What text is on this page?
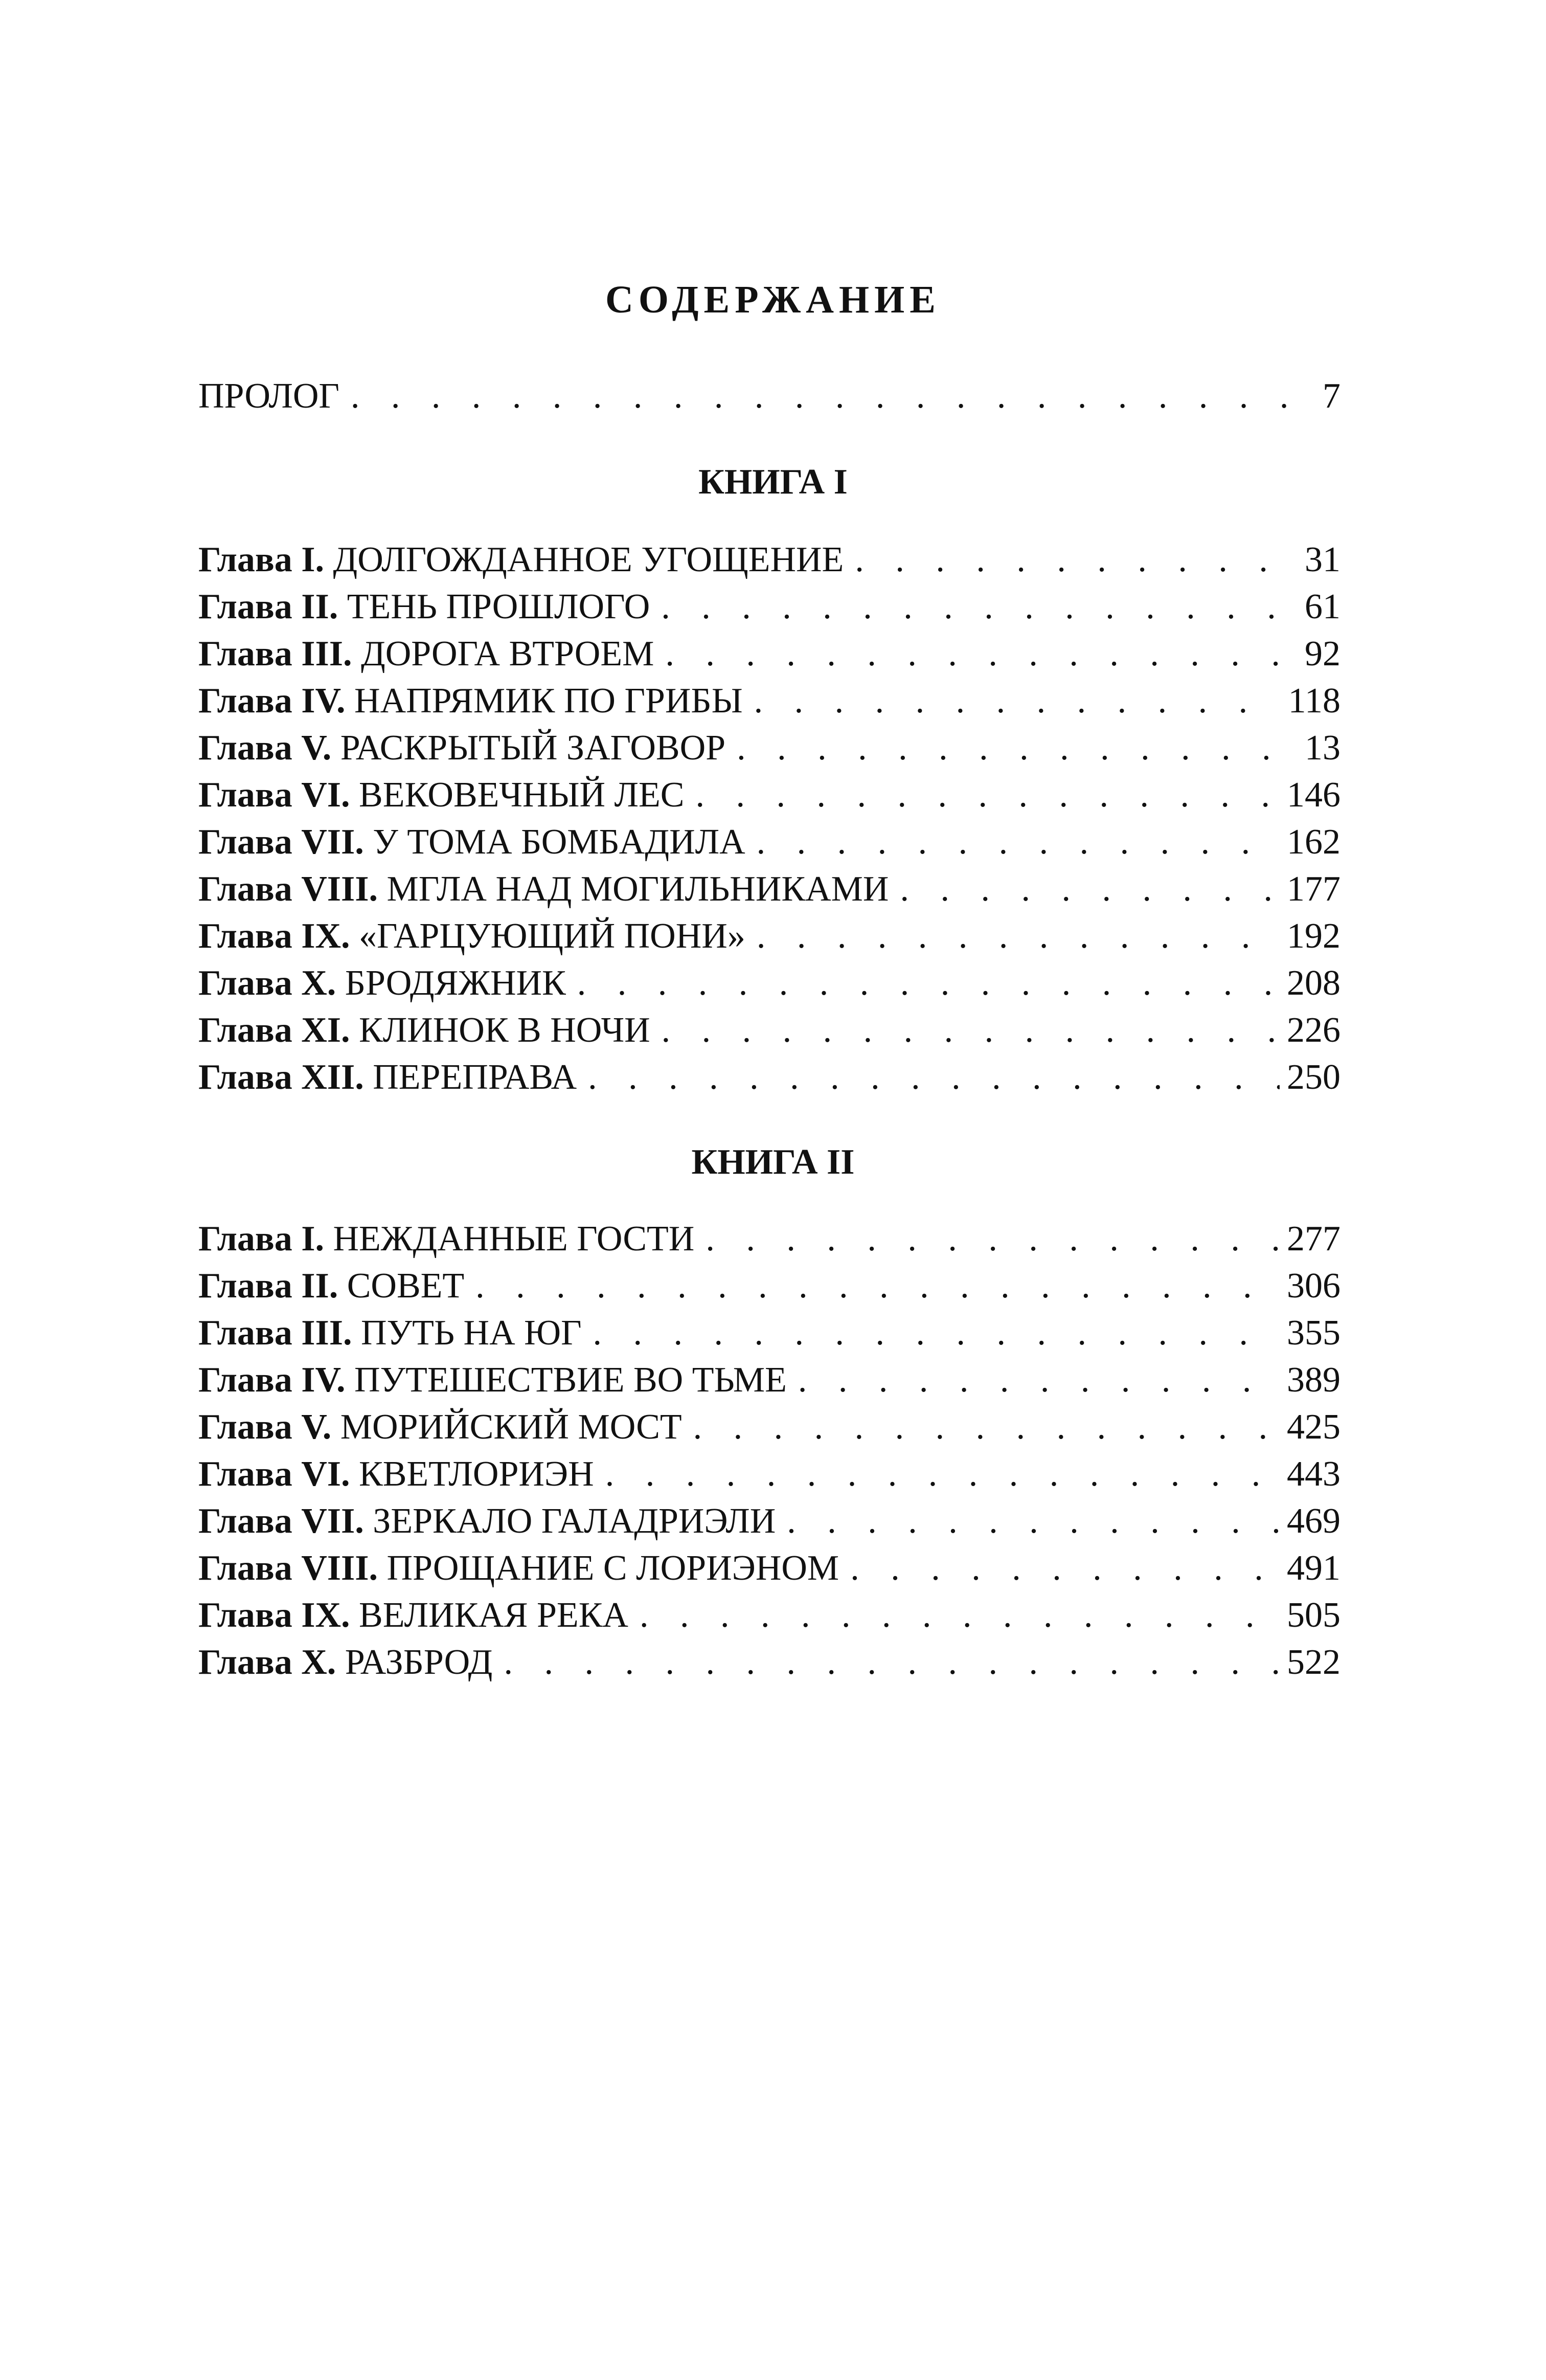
СОДЕРЖАНИЕ
ПРОЛОГ . . .	7
КНИГА I
Глава I. ДОЛГОЖДАННОЕ УГОЩЕНИЕ . . .	31
Глава II. ТЕНЬ ПРОШЛОГО . . .	61
Глава III. ДОРОГА ВТРОЕМ . . .	92
Глава IV. НАПРЯМИК ПО ГРИБЫ . . .	118
Глава V. РАСКРЫТЫЙ ЗАГОВОР . . .	13
Глава VI. ВЕКОВЕЧНЫЙ ЛЕС . . .	146
Глава VII. У ТОМА БОМБАДИЛА . . .	162
Глава VIII. МГЛА НАД МОГИЛЬНИКАМИ . . .	177
Глава IX. «ГАРЦУЮЩИЙ ПОНИ» . . .	192
Глава X. БРОДЯЖНИК . . .	208
Глава XI. КЛИНОК В НОЧИ . . .	226
Глава XII. ПЕРЕПРАВА . . .	250
КНИГА II
Глава I. НЕЖДАННЫЕ ГОСТИ . . .	277
Глава II. СОВЕТ . . .	306
Глава III. ПУТЬ НА ЮГ . . .	355
Глава IV. ПУТЕШЕСТВИЕ ВО ТЬМЕ . . .	389
Глава V. МОРИЙСКИЙ МОСТ . . .	425
Глава VI. КВЕТЛОРИЭН . . .	443
Глава VII. ЗЕРКАЛО ГАЛАДРИЭЛИ . . .	469
Глава VIII. ПРОЩАНИЕ С ЛОРИЭНОМ . . .	491
Глава IX. ВЕЛИКАЯ РЕКА . . .	505
Глава X. РАЗБРОД . . .	522
